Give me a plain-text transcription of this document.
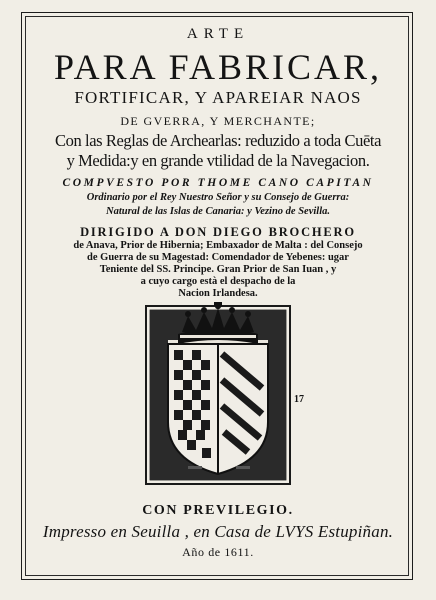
ARTE
PARA FABRICAR,
FORTIFICAR, Y APAREIAR NAOS
DE GVERRA, Y MERCHANTE;
Con las Reglas de Archearlas: reduzido a toda Cuēta
y Medida:y en grande vtilidad de la Navegacion.
COMPVESTO POR THOME CANO CAPITAN
Ordinario por el Rey Nuestro Señor y su Consejo de Guerra:
Natural de las Islas de Canaria: y Vezino de Sevilla.
DIRIGIDO A DON DIEGO BROCHERO
de Anava, Prior de Hibernia; Embaxador de Malta : del Consejo
de Guerra de su Magestad: Comendador de Yebenes: ugar
Teniente del SS. Principe. Gran Prior de San Iuan , y
a cuyo cargo està el despacho de la
Nacion Irlandesa.
17
CON PREVILEGIO.
Impresso en Seuilla , en Casa de LVYS Estupiñan.
Año de 1611.
